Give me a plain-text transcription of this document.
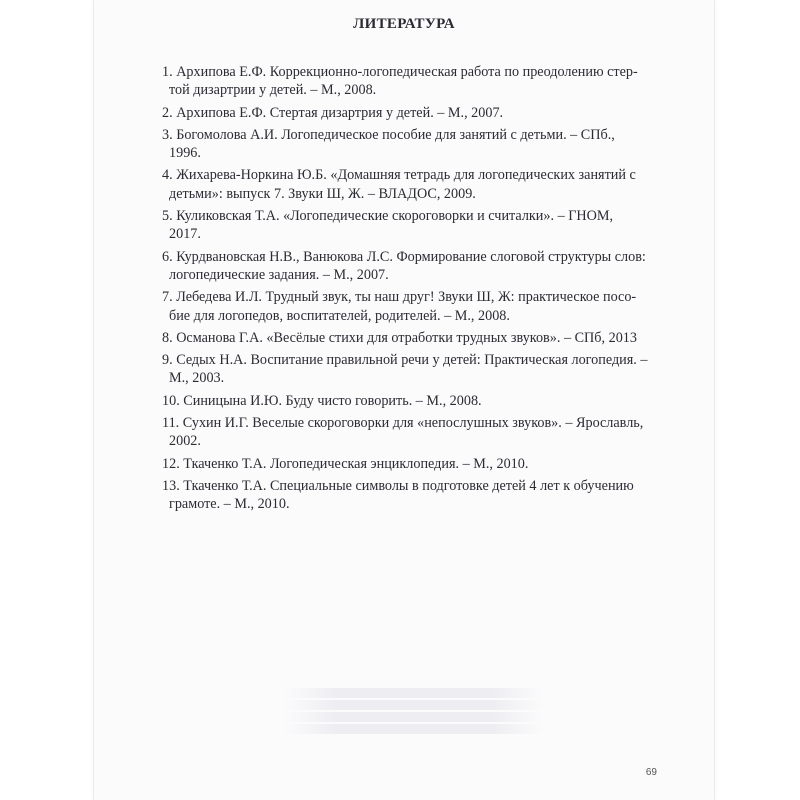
ЛИТЕРАТУРА
1. Архипова Е.Ф. Коррекционно-логопедическая работа по преодолению стер-
той дизартрии у детей. – М., 2008.
2. Архипова Е.Ф. Стертая дизартрия у детей. – М., 2007.
3. Богомолова А.И. Логопедическое пособие для занятий с детьми. – СПб.,
1996.
4. Жихарева-Норкина Ю.Б. «Домашняя тетрадь для логопедических занятий с
детьми»: выпуск 7. Звуки Ш, Ж. – ВЛАДОС, 2009.
5. Куликовская Т.А. «Логопедические скороговорки и считалки». – ГНОМ,
2017.
6. Курдвановская Н.В., Ванюкова Л.С. Формирование слоговой структуры слов:
логопедические задания. – М., 2007.
7. Лебедева И.Л. Трудный звук, ты наш друг! Звуки Ш, Ж: практическое посо-
бие для логопедов, воспитателей, родителей. – М., 2008.
8. Османова Г.А. «Весёлые стихи для отработки трудных звуков». – СПб, 2013
9. Седых Н.А. Воспитание правильной речи у детей: Практическая логопедия. –
М., 2003.
10. Синицына И.Ю. Буду чисто говорить. – М., 2008.
11. Сухин И.Г. Веселые скороговорки для «непослушных звуков». – Ярославль,
2002.
12. Ткаченко Т.А. Логопедическая энциклопедия. – М., 2010.
13. Ткаченко Т.А. Специальные символы в подготовке детей 4 лет к обучению
грамоте. – М., 2010.
69
